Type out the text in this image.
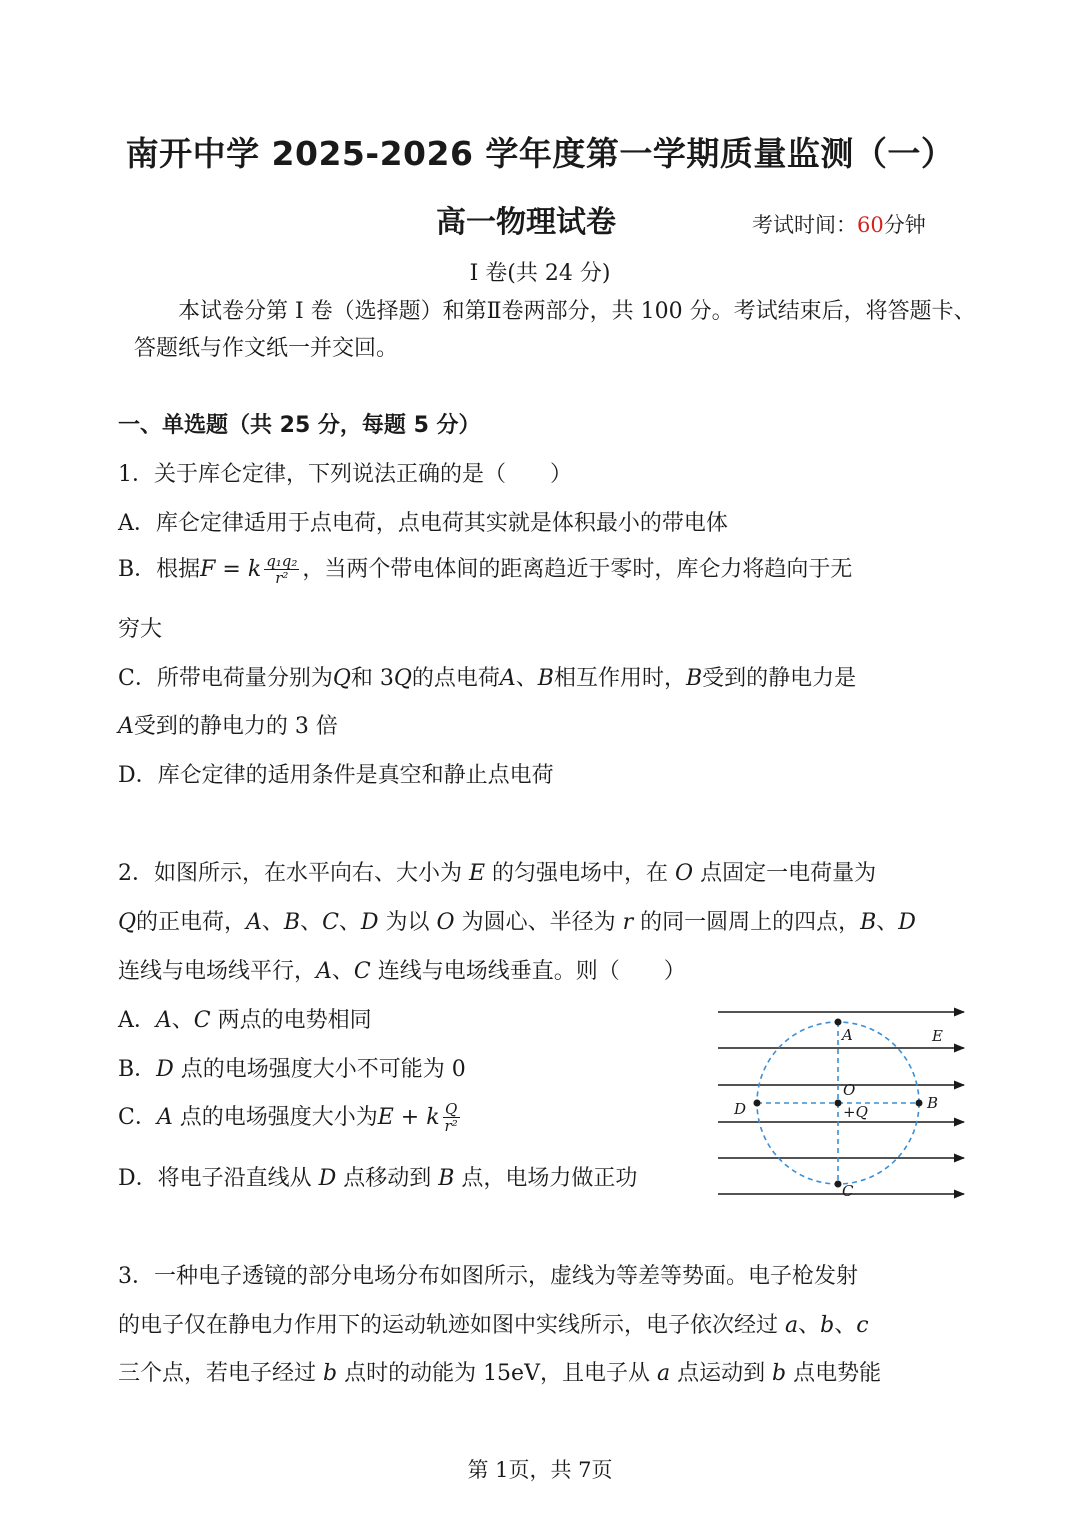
南开中学 2025-2026 学年度第一学期质量监测（一）
高一物理试卷	考试时间：60分钟
I 卷(共 24 分)
本试卷分第 I 卷（选择题）和第Ⅱ卷两部分，共 100 分。考试结束后，将答题卡、
答题纸与作文纸一并交回。
一、单选题（共 25 分，每题 5 分）
1．关于库仑定律，下列说法正确的是（　　）
A．库仑定律适用于点电荷，点电荷其实就是体积最小的带电体
B．根据F = k $\frac{\text{q₁q₂}}{\text{r²}}$ ，当两个带电体间的距离趋近于零时，库仑力将趋向于无
穷大
C．所带电荷量分别为𝑄和 3𝑄的点电荷𝐴、𝐵相互作用时，𝐵受到的静电力是
𝐴受到的静电力的 3 倍
D．库仑定律的适用条件是真空和静止点电荷
2．如图所示，在水平向右、大小为 𝐸 的匀强电场中，在 𝑂 点固定一电荷量为
𝑄的正电荷，𝐴、𝐵、𝐶、𝐷 为以 𝑂 为圆心、半径为 𝑟 的同一圆周上的四点，𝐵、𝐷
连线与电场线平行，𝐴、𝐶 连线与电场线垂直。则（　　）
A．𝐴、𝐶 两点的电势相同
B．𝐷 点的电场强度大小不可能为 0
C．𝐴 点的电场强度大小为E + k $\frac{Q}{\text{r²}}$
D．将电子沿直线从 𝐷 点移动到 𝐵 点，电场力做正功
A
B
C
D
E
O
+Q
3．一种电子透镜的部分电场分布如图所示，虚线为等差等势面。电子枪发射
的电子仅在静电力作用下的运动轨迹如图中实线所示，电子依次经过 𝑎、𝑏、𝑐
三个点，若电子经过 𝑏 点时的动能为 15eV，且电子从 𝑎 点运动到 𝑏 点电势能
第 1页，共 7页
